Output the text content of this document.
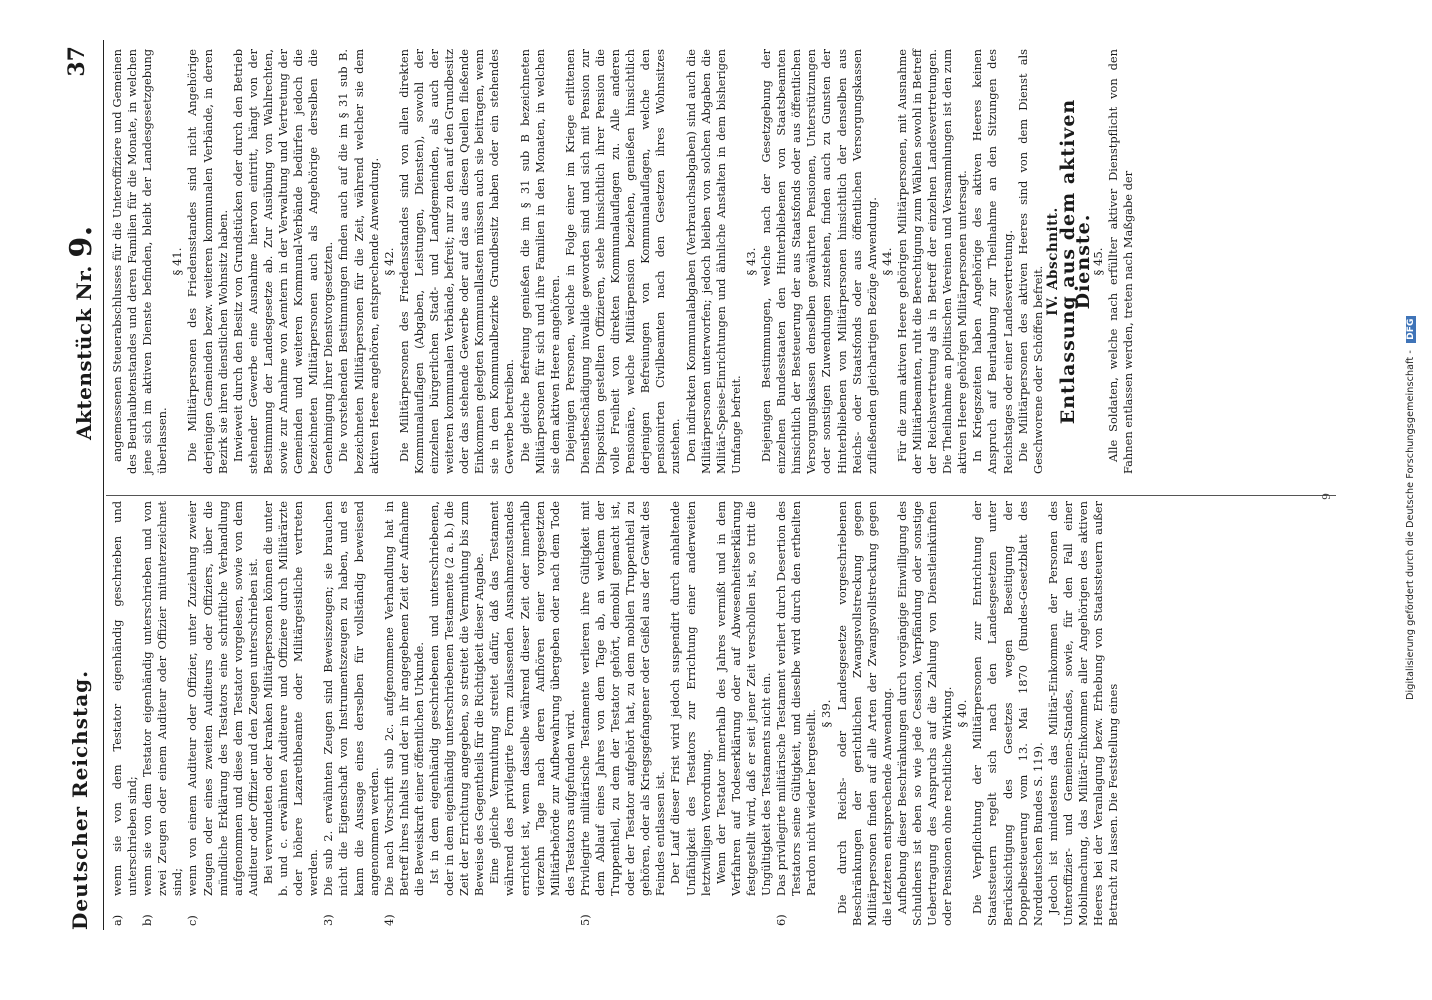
Deutscher Reichstag.
Aktenstück Nr. 9.
37
a)
wenn sie von dem Testator eigenhändig geschrieben und unterschrieben sind;
b)
wenn sie von dem Testator eigenhändig unterschrieben und von zwei Zeugen oder einem Auditeur oder Offizier mitunterzeichnet sind;
c)
wenn von einem Auditeur oder Offizier, unter Zuziehung zweier Zeugen oder eines zweiten Auditeurs oder Offiziers, über die mündliche Erklärung des Testators eine schriftliche Verhandlung aufgenommen und diese dem Testator vorgelesen, sowie von dem Auditeur oder Offizier und den Zeugen unterschrieben ist. Bei verwundeten oder kranken Militärpersonen können die unter b. und c. erwähnten Auditeure und Offiziere durch Militärärzte oder höhere Lazarethbeamte oder Militärgeistliche vertreten werden.

3)
Die sub 2. erwähnten Zeugen sind Beweiszeugen; sie brauchen nicht die Eigenschaft von Instrumentszeugen zu haben, und es kann die Aussage eines derselben für vollständig beweisend angenommen werden.
4)
Die nach Vorschrift sub 2c. aufgenommene Verhandlung hat in Betreff ihres Inhalts und der in ihr angegebenen Zeit der Aufnahme die Beweiskraft einer öffentlichen Urkunde. Ist in dem eigenhändig geschriebenen und unterschriebenen, oder in dem eigenhändig unterschriebenen Testamente (2 a. b.) die Zeit der Errichtung angegeben, so streitet die Vermuthung bis zum Beweise des Gegentheils für die Richtigkeit dieser Angabe. Eine gleiche Vermuthung streitet dafür, daß das Testament während des privilegirte Form zulassenden Ausnahmezustandes errichtet ist, wenn dasselbe während dieser Zeit oder innerhalb vierzehn Tage nach deren Aufhören einer vorgesetzten Militärbehörde zur Aufbewahrung übergeben oder nach dem Tode des Testators aufgefunden wird.

5)
Privilegirte militärische Testamente verlieren ihre Gültigkeit mit dem Ablauf eines Jahres von dem Tage ab, an welchem der Truppentheil, zu dem der Testator gehört, demobil gemacht ist, oder der Testator aufgehört hat, zu dem mobilen Truppentheil zu gehören, oder als Kriegsgefangener oder Geißel aus der Gewalt des Feindes entlassen ist. Der Lauf dieser Frist wird jedoch suspendirt durch anhaltende Unfähigkeit des Testators zur Errichtung einer anderweiten letztwilligen Verordnung. Wenn der Testator innerhalb des Jahres vermißt und in dem Verfahren auf Todeserklärung oder auf Abwesenheitserklärung festgestellt wird, daß er seit jener Zeit verschollen ist, so tritt die Ungültigkeit des Testaments nicht ein.

6)
Das privilegirte militärische Testament verliert durch Desertion des Testators seine Gültigkeit, und dieselbe wird durch den ertheilten Pardon nicht wieder hergestellt. § 39. Die durch Reichs- oder Landesgesetze vorgeschriebenen Beschränkungen der gerichtlichen Zwangsvollstreckung gegen Militärpersonen finden auf alle Arten der Zwangsvollstreckung gegen die letzteren entsprechende Anwendung. Aufhebung dieser Beschränkungen durch vorgängige Einwilligung des Schuldners ist eben so wie jede Cession, Verpfändung oder sonstige Uebertragung des Anspruchs auf die Zahlung von Dienstleinkünften oder Pensionen ohne rechtliche Wirkung. § 40. Die Verpflichtung der Militärpersonen zur Entrichtung der Staatssteuern regelt sich nach den Landesgesetzen unter Berücksichtigung des Gesetzes wegen Beseitigung der Doppelbesteuerung vom 13. Mai 1870 (Bundes-Gesetzblatt des Norddeutschen Bundes S. 119). Jedoch ist mindestens das Militär-Einkommen der Personen des Unteroffizier- und Gemeinen-Standes, sowie, für den Fall einer Mobilmachung, das Militär-Einkommen aller Angehörigen des aktiven Heeres bei der Veranlagung bezw. Erhebung von Staatssteuern außer Betracht zu lassen. Die Feststellung eines

angemessenen Steuerabschlusses für die Unteroffiziere und Gemeinen des Beurlaubtenstandes und deren Familien für die Monate, in welchen jene sich im aktiven Dienste befinden, bleibt der Landesgesetzgebung überlassen.

§ 41. Die Militärpersonen des Friedensstandes sind nicht Angehörige derjenigen Gemeinden bezw. weiteren kommunalen Verbände, in deren Bezirk sie ihren dienstlichen Wohnsitz haben. Inwieweit durch den Besitz von Grundstücken oder durch den Betrieb stehender Gewerbe eine Ausnahme hiervon eintritt, hängt von der Bestimmung der Landesgesetze ab. Zur Ausübung von Wahlrechten, sowie zur Annahme von Aemtern in der Verwaltung und Vertretung der Gemeinden und weiteren Kommunal-Verbände bedürfen jedoch die bezeichneten Militärpersonen auch als Angehörige derselben die Genehmigung ihrer Dienstvorgesetzten. Die vorstehenden Bestimmungen finden auch auf die im § 31 sub B. bezeichneten Militärpersonen für die Zeit, während welcher sie dem aktiven Heere angehören, entsprechende Anwendung. § 42. Die Militärpersonen des Friedensstandes sind von allen direkten Kommunalauflagen (Abgaben, Leistungen, Diensten), sowohl der einzelnen bürgerlichen Stadt- und Landgemeinden, als auch der weiteren kommunalen Verbände, befreit; nur zu den auf den Grundbesitz oder das stehende Gewerbe oder auf das aus diesen Quellen fließende Einkommen gelegten Kommunallasten müssen auch sie beitragen, wenn sie in dem Kommunalbezirke Grundbesitz haben oder ein stehendes Gewerbe betreiben. Die gleiche Befreiung genießen die im § 31 sub B bezeichneten Militärpersonen für sich und ihre Familien in den Monaten, in welchen sie dem aktiven Heere angehören. Diejenigen Personen, welche in Folge einer im Kriege erlittenen Dienstbeschädigung invalide geworden sind und sich mit Pension zur Disposition gestellten Offizieren, stehe hinsichtlich ihrer Pension die volle Freiheit von direkten Kommunalauflagen zu. Alle anderen Pensionäre, welche Militärpension beziehen, genießen hinsichtlich derjenigen Befreiungen von Kommunalauflagen, welche den pensionirten Civilbeamten nach den Gesetzen ihres Wohnsitzes zustehen. Den indirekten Kommunalabgaben (Verbrauchsabgaben) sind auch die Militärpersonen unterworfen; jedoch bleiben von solchen Abgaben die Militär-Speise-Einrichtungen und ähnliche Anstalten in dem bisherigen Umfange befreit.

§ 43. Diejenigen Bestimmungen, welche nach der Gesetzgebung der einzelnen Bundesstaaten den Hinterbliebenen von Staatsbeamten hinsichtlich der Besteuerung der aus Staatsfonds oder aus öffentlichen Versorgungskassen denselben gewährten Pensionen, Unterstützungen oder sonstigen Zuwendungen zustehen, finden auch zu Gunsten der Hinterbliebenen von Militärpersonen hinsichtlich der denselben aus Reichs- oder Staatsfonds oder aus öffentlichen Versorgungskassen zufließenden gleichartigen Bezüge Anwendung. § 44. Für die zum aktiven Heere gehörigen Militärpersonen, mit Ausnahme der Militärbeamten, ruht die Berechtigung zum Wählen sowohl in Betreff der Reichsvertretung als in Betreff der einzelnen Landesvertretungen. Die Theilnahme an politischen Vereinen und Versammlungen ist den zum aktiven Heere gehörigen Militärpersonen untersagt. In Kriegszeiten haben Angehörige des aktiven Heeres keinen Anspruch auf Beurlaubung zur Theilnahme an den Sitzungen des Reichstages oder einer Landesvertretung. Die Militärpersonen des aktiven Heeres sind von dem Dienst als Geschworene oder Schöffen befreit.

IV. Abschnitt.

Entlassung aus dem aktiven Dienste.

§ 45. Alle Soldaten, welche nach erfüllter aktiver Dienstpflicht von den Fahnen entlassen werden, treten nach Maßgabe der

9	Digitalisierung gefördert durch die Deutsche Forschungsgemeinschaft - DFG
